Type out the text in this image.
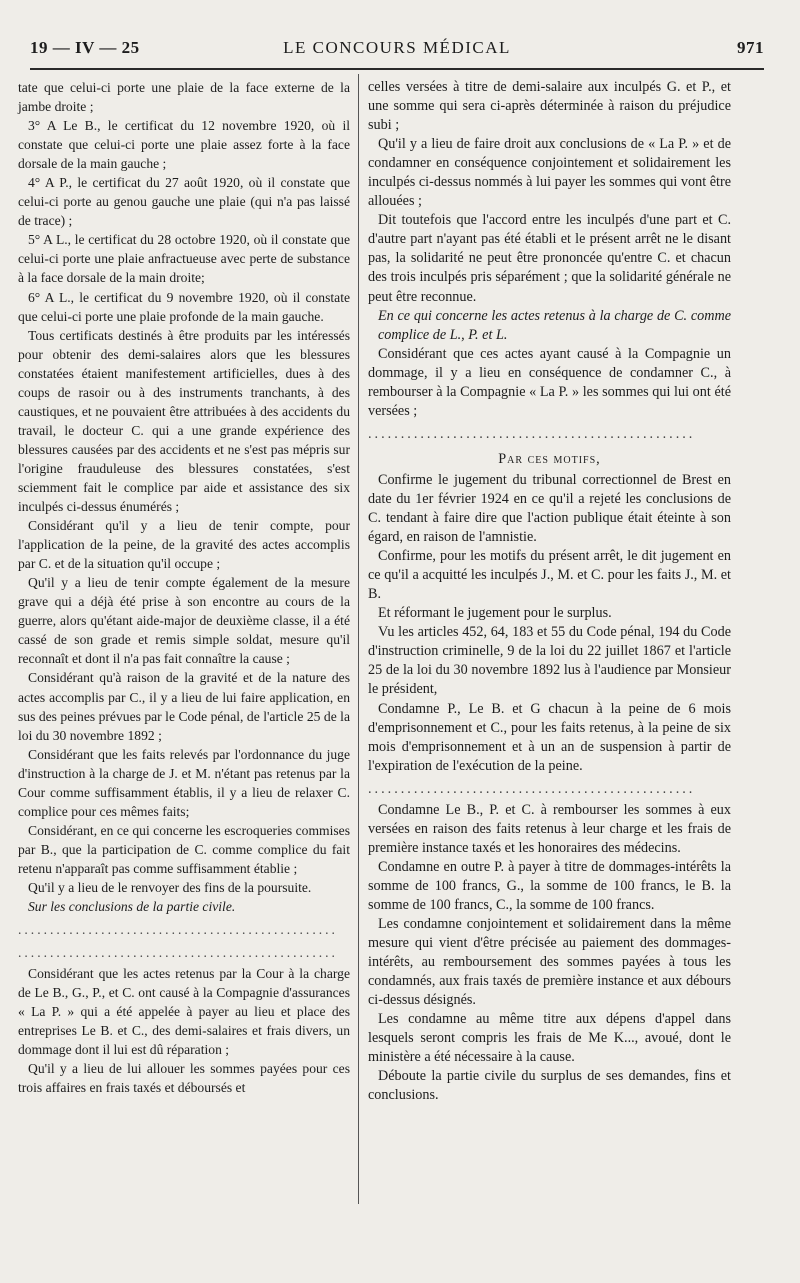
19 — IV — 25	LE CONCOURS MÉDICAL	971

tate que celui-ci porte une plaie de la face externe de la jambe droite ;

3° A Le B., le certificat du 12 novembre 1920, où il constate que celui-ci porte une plaie assez forte à la face dorsale de la main gauche ;

4° A P., le certificat du 27 août 1920, où il constate que celui-ci porte au genou gauche une plaie (qui n'a pas laissé de trace) ;

5° A L., le certificat du 28 octobre 1920, où il constate que celui-ci porte une plaie anfractueuse avec perte de substance à la face dorsale de la main droite;

6° A L., le certificat du 9 novembre 1920, où il constate que celui-ci porte une plaie profonde de la main gauche.

Tous certificats destinés à être produits par les intéressés pour obtenir des demi-salaires alors que les blessures constatées étaient manifestement artificielles, dues à des coups de rasoir ou à des instruments tranchants, à des caustiques, et ne pouvaient être attribuées à des accidents du travail, le docteur C. qui a une grande expérience des blessures causées par des accidents et ne s'est pas mépris sur l'origine frauduleuse des blessures constatées, s'est sciemment fait le complice par aide et assistance des six inculpés ci-dessus énumérés ;

Considérant qu'il y a lieu de tenir compte, pour l'application de la peine, de la gravité des actes accomplis par C. et de la situation qu'il occupe ;

Qu'il y a lieu de tenir compte également de la mesure grave qui a déjà été prise à son encontre au cours de la guerre, alors qu'étant aide-major de deuxième classe, il a été cassé de son grade et remis simple soldat, mesure qu'il reconnaît et dont il n'a pas fait connaître la cause ;

Considérant qu'à raison de la gravité et de la nature des actes accomplis par C., il y a lieu de lui faire application, en sus des peines prévues par le Code pénal, de l'article 25 de la loi du 30 novembre 1892 ;

Considérant que les faits relevés par l'ordonnance du juge d'instruction à la charge de J. et M. n'étant pas retenus par la Cour comme suffisamment établis, il y a lieu de relaxer C. complice pour ces mêmes faits;

Considérant, en ce qui concerne les escroqueries commises par B., que la participation de C. comme complice du fait retenu n'apparaît pas comme suffisamment établie ;

Qu'il y a lieu de le renvoyer des fins de la poursuite.

Sur les conclusions de la partie civile.

..................................................

..................................................

Considérant que les actes retenus par la Cour à la charge de Le B., G., P., et C. ont causé à la Compagnie d'assurances « La P. » qui a été appelée à payer au lieu et place des entreprises Le B. et C., des demi-salaires et frais divers, un dommage dont il lui est dû réparation ;

Qu'il y a lieu de lui allouer les sommes payées pour ces trois affaires en frais taxés et déboursés et

celles versées à titre de demi-salaire aux inculpés G. et P., et une somme qui sera ci-après déterminée à raison du préjudice subi ;

Qu'il y a lieu de faire droit aux conclusions de « La P. » et de condamner en conséquence conjointement et solidairement les inculpés ci-dessus nommés à lui payer les sommes qui vont être allouées ;

Dit toutefois que l'accord entre les inculpés d'une part et C. d'autre part n'ayant pas été établi et le présent arrêt ne le disant pas, la solidarité ne peut être prononcée qu'entre C. et chacun des trois inculpés pris séparément ; que la solidarité générale ne peut être reconnue.

En ce qui concerne les actes retenus à la charge de C. comme complice de L., P. et L.

Considérant que ces actes ayant causé à la Compagnie un dommage, il y a lieu en conséquence de condamner C., à rembourser à la Compagnie « La P. » les sommes qui lui ont été versées ;

..................................................

Par ces motifs,

Confirme le jugement du tribunal correctionnel de Brest en date du 1er février 1924 en ce qu'il a rejeté les conclusions de C. tendant à faire dire que l'action publique était éteinte à son égard, en raison de l'amnistie.

Confirme, pour les motifs du présent arrêt, le dit jugement en ce qu'il a acquitté les inculpés J., M. et C. pour les faits J., M. et B.

Et réformant le jugement pour le surplus.

Vu les articles 452, 64, 183 et 55 du Code pénal, 194 du Code d'instruction criminelle, 9 de la loi du 22 juillet 1867 et l'article 25 de la loi du 30 novembre 1892 lus à l'audience par Monsieur le président,

Condamne P., Le B. et G chacun à la peine de 6 mois d'emprisonnement et C., pour les faits retenus, à la peine de six mois d'emprisonnement et à un an de suspension à partir de l'expiration de l'exécution de la peine.

..................................................

Condamne Le B., P. et C. à rembourser les sommes à eux versées en raison des faits retenus à leur charge et les frais de première instance taxés et les honoraires des médecins.

Condamne en outre P. à payer à titre de dommages-intérêts la somme de 100 francs, G., la somme de 100 francs, le B. la somme de 100 francs, C., la somme de 100 francs.

Les condamne conjointement et solidairement dans la même mesure qui vient d'être précisée au paiement des dommages-intérêts, au remboursement des sommes payées à tous les condamnés, aux frais taxés de première instance et aux débours ci-dessus désignés.

Les condamne au même titre aux dépens d'appel dans lesquels seront compris les frais de Me K..., avoué, dont le ministère a été nécessaire à la cause.

Déboute la partie civile du surplus de ses demandes, fins et conclusions.
